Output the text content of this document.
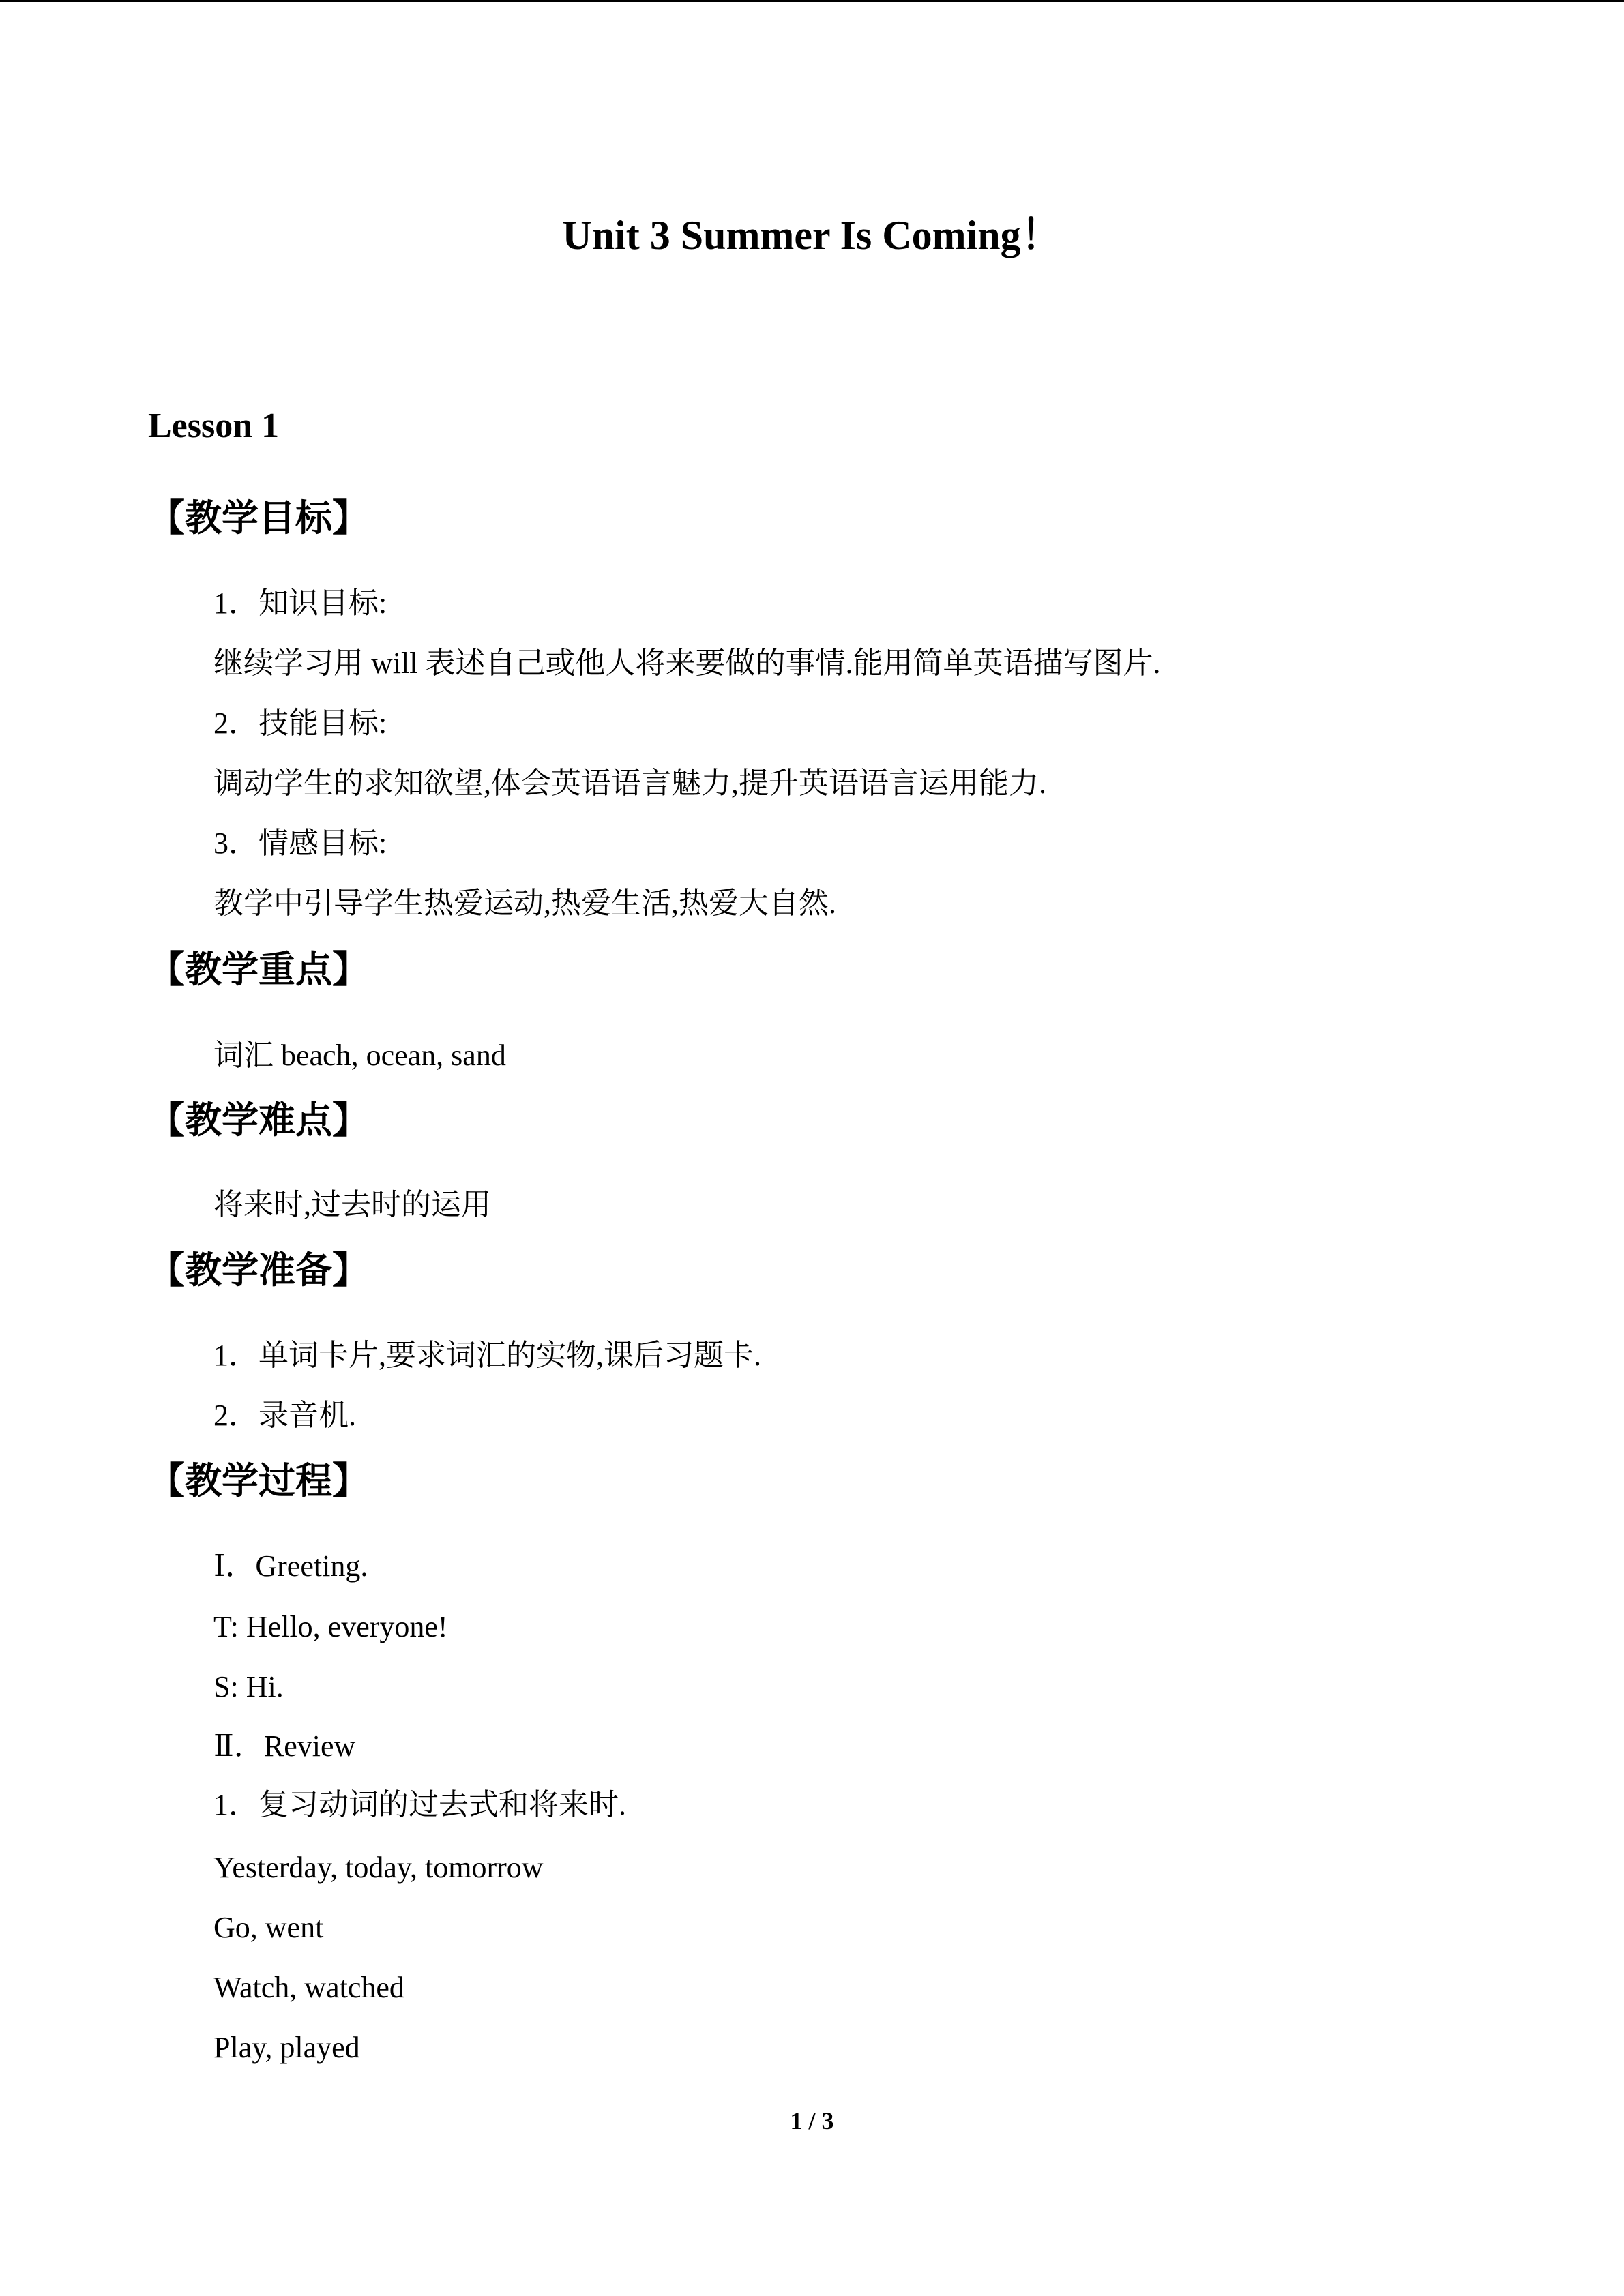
Unit 3 Summer Is Coming！
Lesson 1
【教学目标】
1．知识目标:
继续学习用 will 表述自己或他人将来要做的事情.能用简单英语描写图片.
2．技能目标:
调动学生的求知欲望,体会英语语言魅力,提升英语语言运用能力.
3．情感目标:
教学中引导学生热爱运动,热爱生活,热爱大自然.
【教学重点】
词汇 beach, ocean, sand
【教学难点】
将来时,过去时的运用
【教学准备】
1．单词卡片,要求词汇的实物,课后习题卡.
2．录音机.
【教学过程】
Ⅰ．Greeting.
T: Hello, everyone!
S: Hi.
Ⅱ．Review
1．复习动词的过去式和将来时.
Yesterday, today, tomorrow
Go, went
Watch, watched
Play, played
1 / 3
